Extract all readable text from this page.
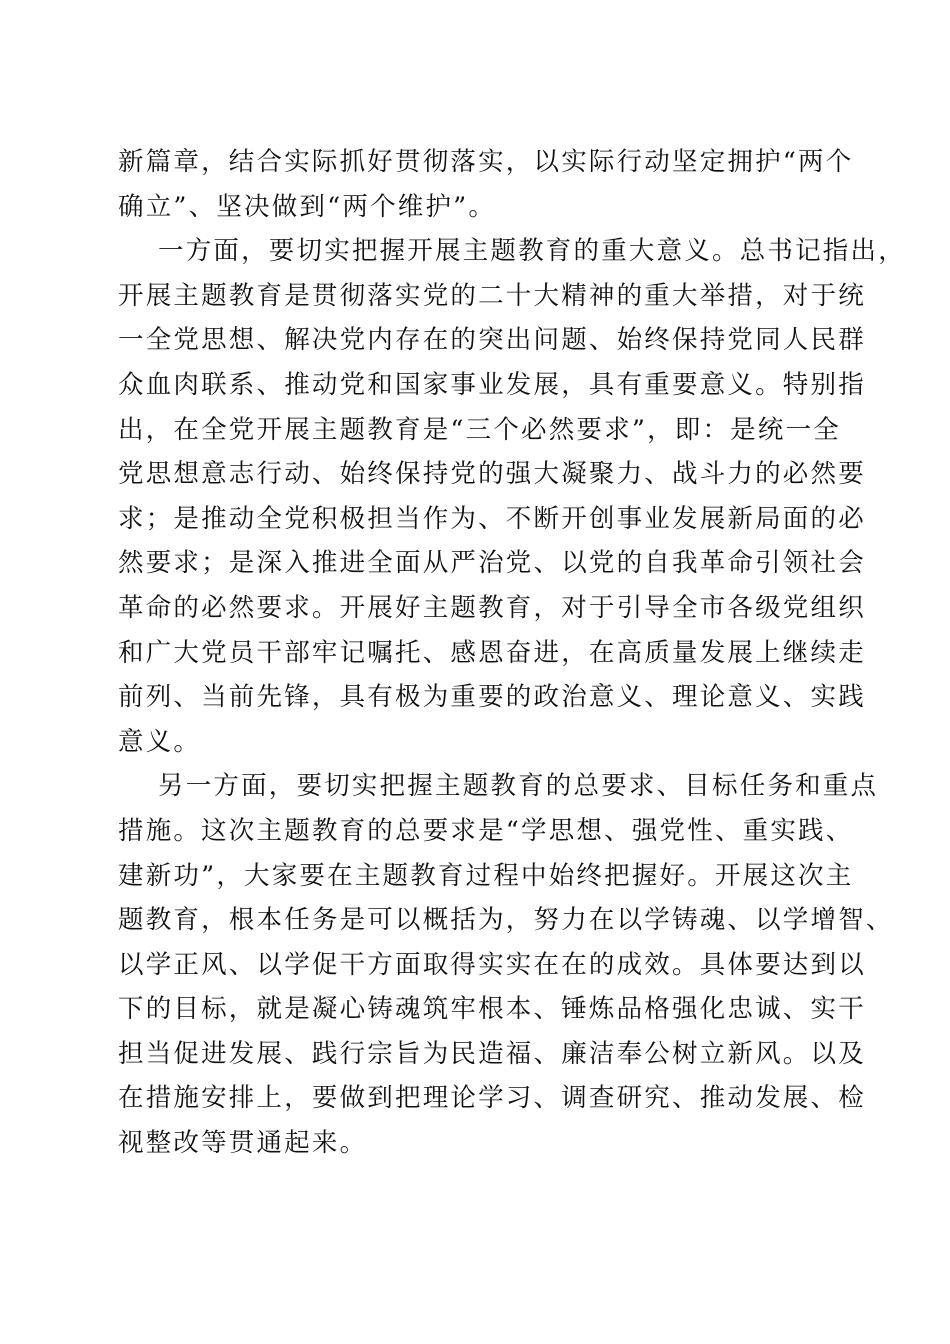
新篇章，结合实际抓好贯彻落实，以实际行动坚定拥护“两个
确立”、坚决做到“两个维护”。
一方面，要切实把握开展主题教育的重大意义。总书记指出，
开展主题教育是贯彻落实党的二十大精神的重大举措，对于统
一全党思想、解决党内存在的突出问题、始终保持党同人民群
众血肉联系、推动党和国家事业发展，具有重要意义。特别指
出，在全党开展主题教育是“三个必然要求”，即：是统一全
党思想意志行动、始终保持党的强大凝聚力、战斗力的必然要
求；是推动全党积极担当作为、不断开创事业发展新局面的必
然要求；是深入推进全面从严治党、以党的自我革命引领社会
革命的必然要求。开展好主题教育，对于引导全市各级党组织
和广大党员干部牢记嘱托、感恩奋进，在高质量发展上继续走
前列、当前先锋，具有极为重要的政治意义、理论意义、实践
意义。
另一方面，要切实把握主题教育的总要求、目标任务和重点
措施。这次主题教育的总要求是“学思想、强党性、重实践、
建新功”，大家要在主题教育过程中始终把握好。开展这次主
题教育，根本任务是可以概括为，努力在以学铸魂、以学增智、
以学正风、以学促干方面取得实实在在的成效。具体要达到以
下的目标，就是凝心铸魂筑牢根本、锤炼品格强化忠诚、实干
担当促进发展、践行宗旨为民造福、廉洁奉公树立新风。以及
在措施安排上，要做到把理论学习、调查研究、推动发展、检
视整改等贯通起来。
